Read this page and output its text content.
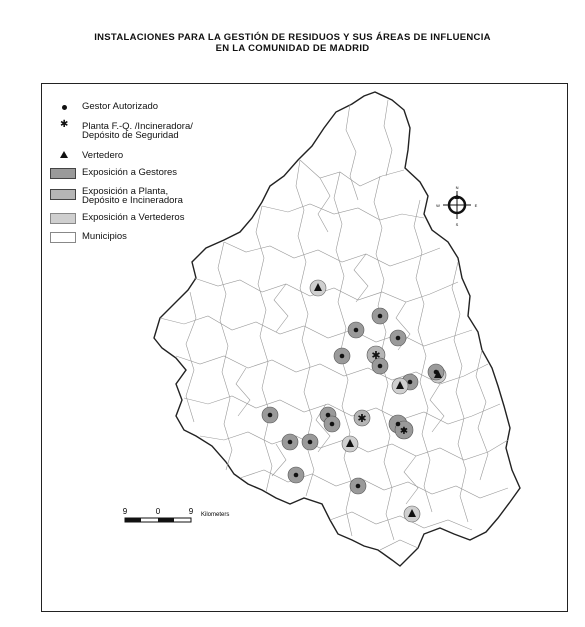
INSTALACIONES PARA LA GESTIÓN DE RESIDUOS Y SUS ÁREAS DE INFLUENCIA
EN LA COMUNIDAD DE MADRID
✱
✱
✱
N
S
E
W
9	0	9 Kilometers
Gestor Autorizado
✱ Planta F.-Q. /Incineradora/
Depósito de Seguridad
Vertedero
Exposición a Gestores
Exposición a Planta,
Depósito e Incineradora
Exposición a Vertederos
Municipios
